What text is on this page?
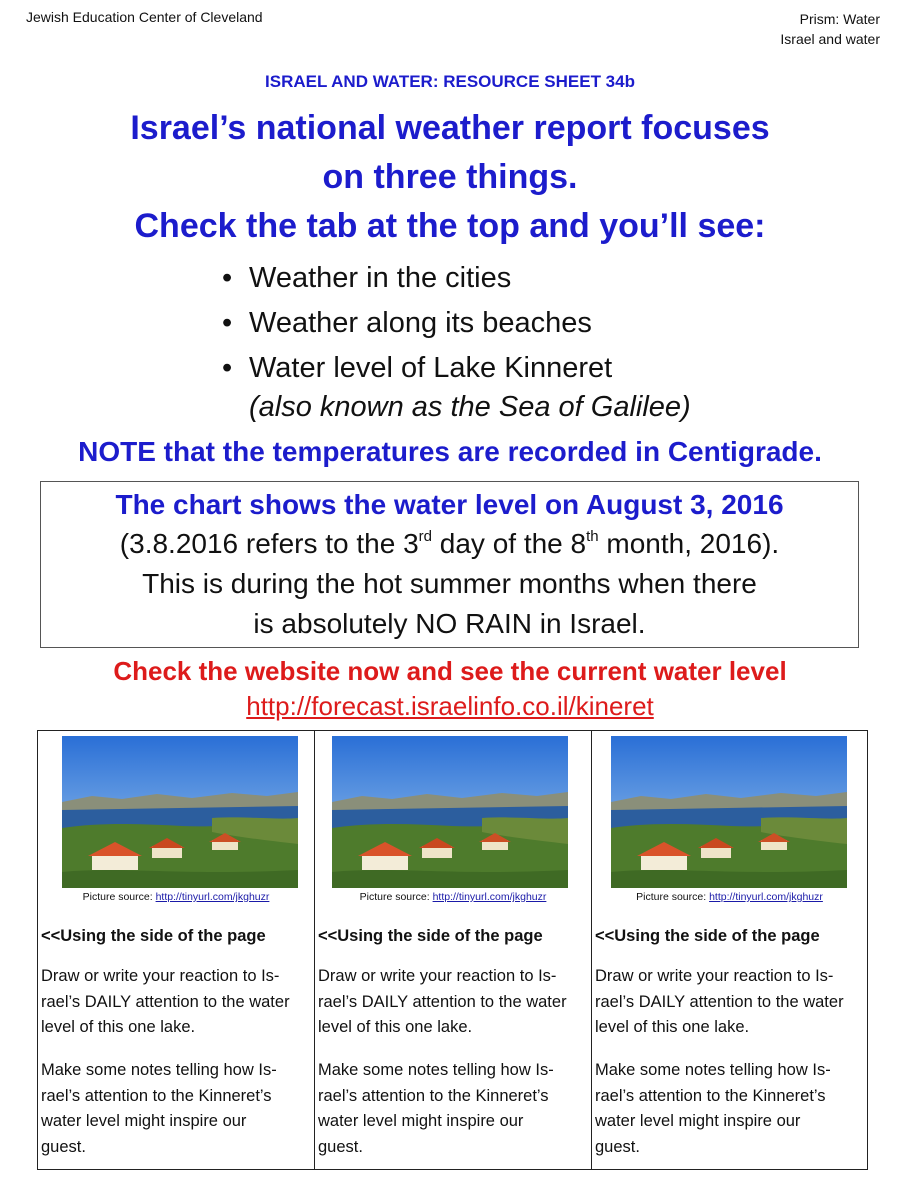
Jewish Education Center of Cleveland	Prism: Water
Israel and water
ISRAEL AND WATER: RESOURCE SHEET 34b
Israel’s national weather report focuses
on three things.
Check the tab at the top and you’ll see:
• Weather in the cities
• Weather along its beaches
• Water level of Lake Kinneret
(also known as the Sea of Galilee)
NOTE that the temperatures are recorded in Centigrade.
The chart shows the water level on August 3, 2016
(3.8.2016 refers to the 3rd day of the 8th month, 2016).
This is during the hot summer months when there
is absolutely NO RAIN in Israel.
Check the website now and see the current water level
http://forecast.israelinfo.co.il/kineret
Picture source: http://tinyurl.com/jkghuzr
<<Using the side of the page
Draw or write your reaction to Is-
rael’s DAILY attention to the water
level of this one lake.
Make some notes telling how Is-
rael’s attention to the Kinneret’s
water level might inspire our
guest.
Picture source: http://tinyurl.com/jkghuzr
<<Using the side of the page
Draw or write your reaction to Is-
rael’s DAILY attention to the water
level of this one lake.
Make some notes telling how Is-
rael’s attention to the Kinneret’s
water level might inspire our
guest.
Picture source: http://tinyurl.com/jkghuzr
<<Using the side of the page
Draw or write your reaction to Is-
rael’s DAILY attention to the water
level of this one lake.
Make some notes telling how Is-
rael’s attention to the Kinneret’s
water level might inspire our
guest.
